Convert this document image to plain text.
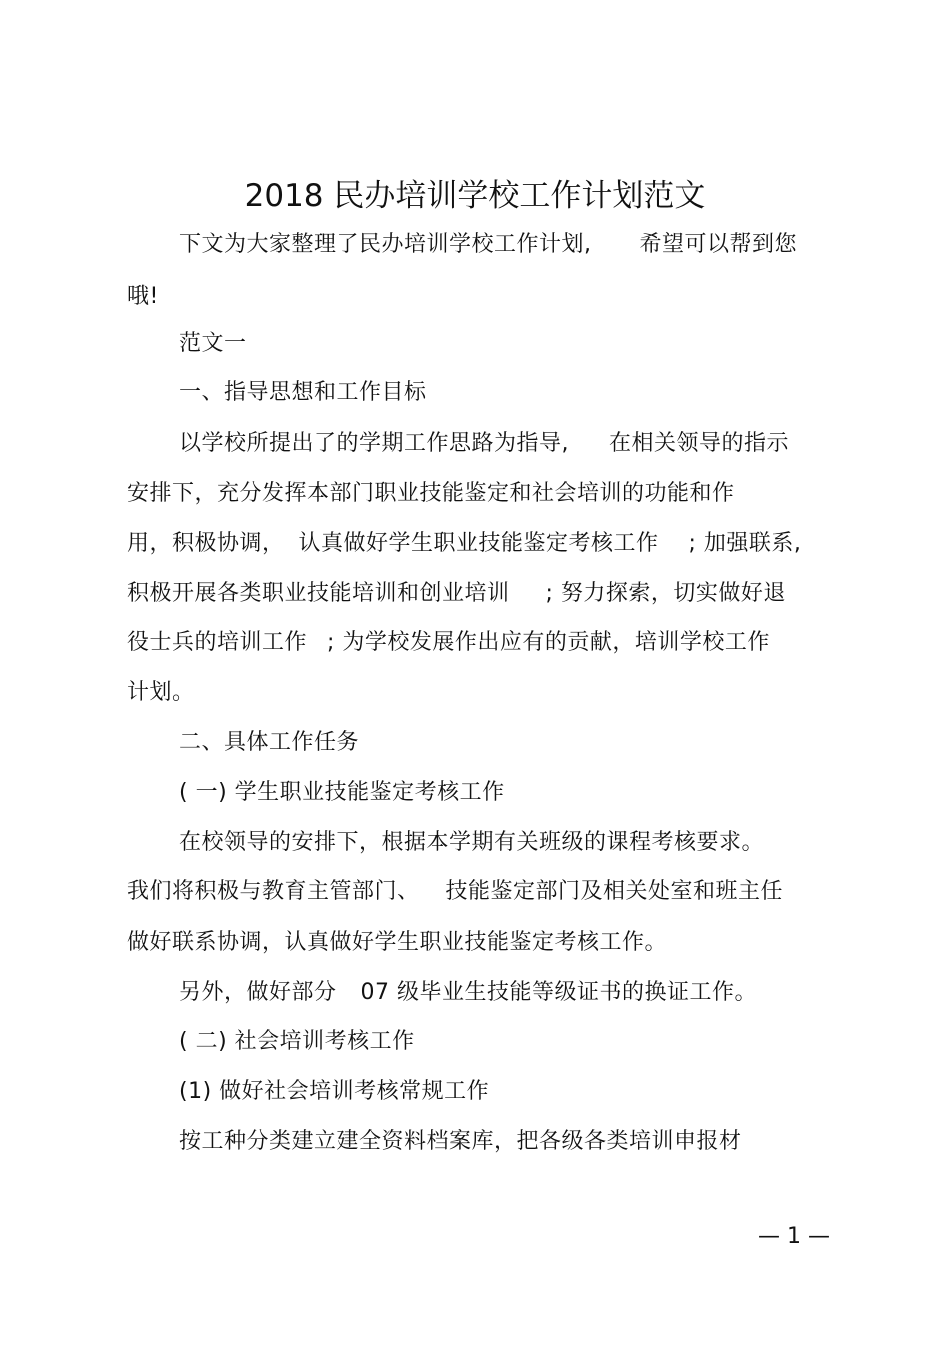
2018 民办培训学校工作计划范文
下文为大家整理了民办培训学校工作计划, 希望可以帮到您
哦!
范文一
一、指导思想和工作目标
以学校所提出了的学期工作思路为指导, 在相关领导的指示
安排下，充分发挥本部门职业技能鉴定和社会培训的功能和作
用，积极协调， 认真做好学生职业技能鉴定考核工作 ; 加强联系,
积极开展各类职业技能培训和创业培训 ; 努力探索，切实做好退
役士兵的培训工作 ; 为学校发展作出应有的贡献，培训学校工作
计划。
二、具体工作任务
( 一) 学生职业技能鉴定考核工作
在校领导的安排下，根据本学期有关班级的课程考核要求。
我们将积极与教育主管部门、 技能鉴定部门及相关处室和班主任
做好联系协调，认真做好学生职业技能鉴定考核工作。
另外，做好部分 07 级毕业生技能等级证书的换证工作。
( 二) 社会培训考核工作
(1) 做好社会培训考核常规工作
按工种分类建立建全资料档案库，把各级各类培训申报材
— 1 —
